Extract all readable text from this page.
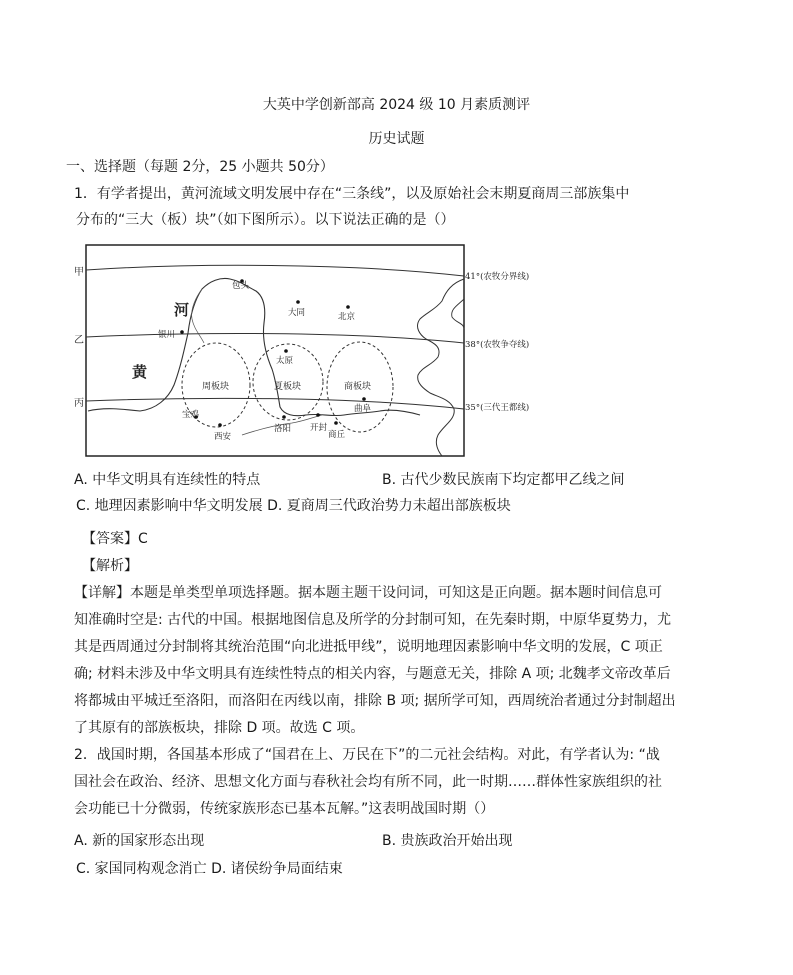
大英中学创新部高 2024 级 10 月素质测评
历史试题
一、选择题（每题 2分，25 小题共 50分）
1．有学者提出，黄河流域文明发展中存在“三条线”，以及原始社会末期夏商周三部族集中
分布的“三大（板）块”（如下图所示）。以下说法正确的是（）
甲
乙
丙
41°(农牧分界线)
38°(农牧争夺线)
35°(三代王都线)
河
黄
周板块	夏板块	商板块
包头
大同	北京
银川
太原
曲阜
宝鸡
西安
洛阳 开封
商丘
A. 中华文明具有连续性的特点	B. 古代少数民族南下均定都甲乙线之间
C. 地理因素影响中华文明发展 D. 夏商周三代政治势力未超出部族板块
【答案】C
【解析】
【详解】本题是单类型单项选择题。据本题主题干设问词，可知这是正向题。据本题时间信息可
知准确时空是: 古代的中国。根据地图信息及所学的分封制可知，在先秦时期，中原华夏势力，尤
其是西周通过分封制将其统治范围“向北进抵甲线”，说明地理因素影响中华文明的发展，C 项正
确; 材料未涉及中华文明具有连续性特点的相关内容，与题意无关，排除 A 项; 北魏孝文帝改革后
将都城由平城迁至洛阳，而洛阳在丙线以南，排除 B 项; 据所学可知，西周统治者通过分封制超出
了其原有的部族板块，排除 D 项。故选 C 项。
2．战国时期，各国基本形成了“国君在上、万民在下”的二元社会结构。对此，有学者认为: “战
国社会在政治、经济、思想文化方面与春秋社会均有所不同，此一时期……群体性家族组织的社
会功能已十分微弱，传统家族形态已基本瓦解。”这表明战国时期（）
A. 新的国家形态出现	B. 贵族政治开始出现
C. 家国同构观念消亡 D. 诸侯纷争局面结束
